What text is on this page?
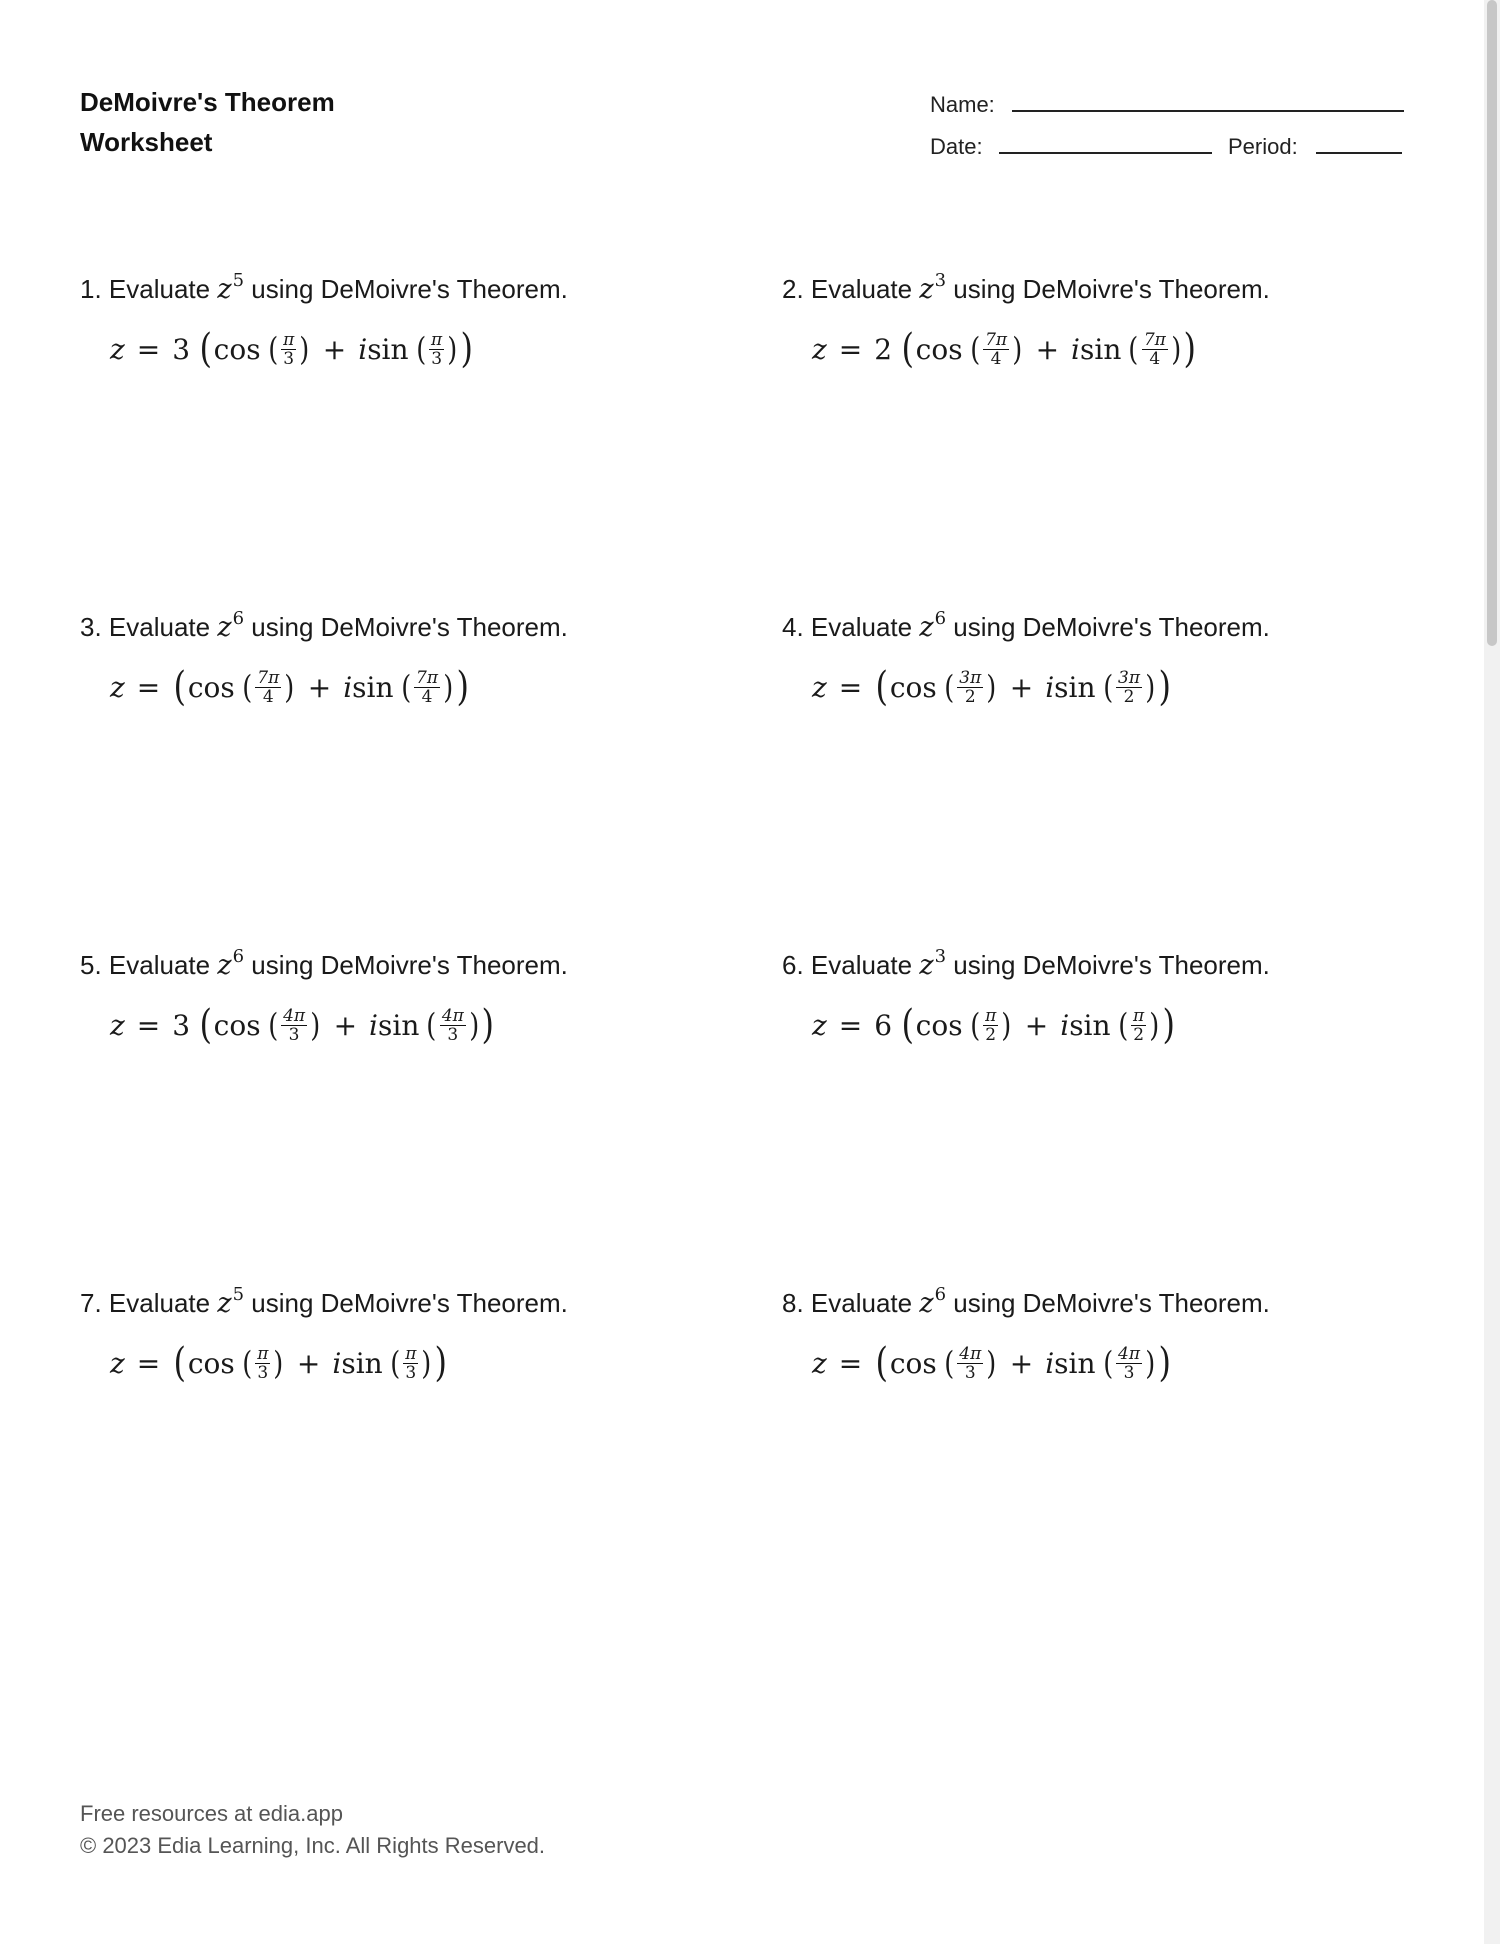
DeMoivre's Theorem
Worksheet
Name:
Date:	Period:
1. Evaluate $z^5$ using DeMoivre's Theorem.
z = 3 ( cos ( $\frac{\pi}{3}$ ) + i sin ( $\frac{\pi}{3}$ ) )
2. Evaluate $z^3$ using DeMoivre's Theorem.
z = 2 ( cos ( $\frac{7\pi}{4}$ ) + i sin ( $\frac{7\pi}{4}$ ) )
3. Evaluate $z^6$ using DeMoivre's Theorem.
z = ( cos ( $\frac{7\pi}{4}$ ) + i sin ( $\frac{7\pi}{4}$ ) )
4. Evaluate $z^6$ using DeMoivre's Theorem.
z = ( cos ( $\frac{3\pi}{2}$ ) + i sin ( $\frac{3\pi}{2}$ ) )
5. Evaluate $z^6$ using DeMoivre's Theorem.
z = 3 ( cos ( $\frac{4\pi}{3}$ ) + i sin ( $\frac{4\pi}{3}$ ) )
6. Evaluate $z^3$ using DeMoivre's Theorem.
z = 6 ( cos ( $\frac{\pi}{2}$ ) + i sin ( $\frac{\pi}{2}$ ) )
7. Evaluate $z^5$ using DeMoivre's Theorem.
z = ( cos ( $\frac{\pi}{3}$ ) + i sin ( $\frac{\pi}{3}$ ) )
8. Evaluate $z^6$ using DeMoivre's Theorem.
z = ( cos ( $\frac{4\pi}{3}$ ) + i sin ( $\frac{4\pi}{3}$ ) )
Free resources at edia.app
© 2023 Edia Learning, Inc. All Rights Reserved.
